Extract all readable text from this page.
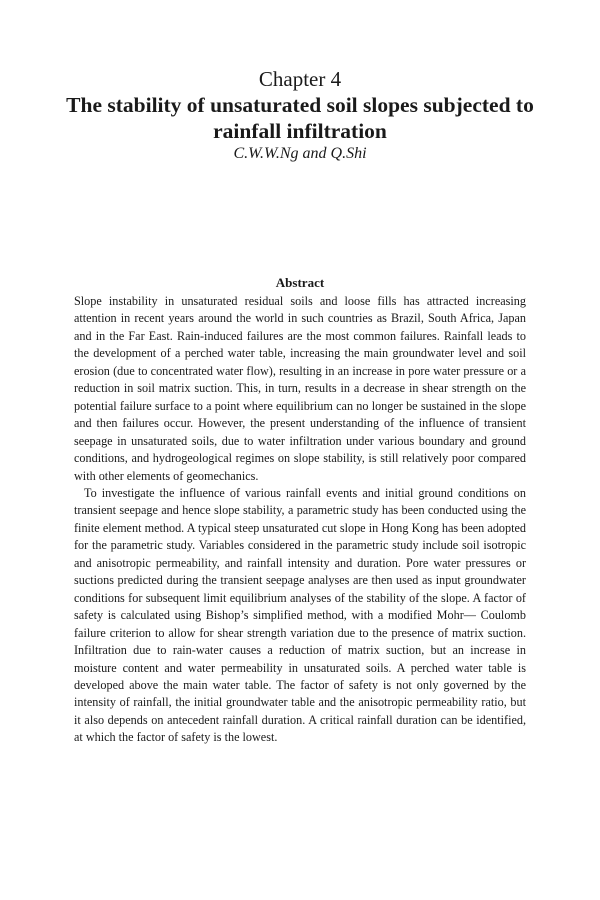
Chapter 4
The stability of unsaturated soil slopes subjected to rainfall infiltration
C.W.W.Ng and Q.Shi
Abstract

Slope instability in unsaturated residual soils and loose fills has attracted increasing attention in recent years around the world in such countries as Brazil, South Africa, Japan and in the Far East. Rain-induced failures are the most common failures. Rainfall leads to the development of a perched water table, increasing the main groundwater level and soil erosion (due to concentrated water flow), resulting in an increase in pore water pressure or a reduction in soil matrix suction. This, in turn, results in a decrease in shear strength on the potential failure surface to a point where equilibrium can no longer be sustained in the slope and then failures occur. However, the present understanding of the influence of transient seepage in unsaturated soils, due to water infiltration under various boundary and ground conditions, and hydrogeological regimes on slope stability, is still relatively poor compared with other elements of geomechanics.

To investigate the influence of various rainfall events and initial ground conditions on transient seepage and hence slope stability, a parametric study has been conducted using the finite element method. A typical steep unsaturated cut slope in Hong Kong has been adopted for the parametric study. Variables considered in the parametric study include soil isotropic and anisotropic permeability, and rainfall intensity and duration. Pore water pressures or suctions predicted during the transient seepage analyses are then used as input groundwater conditions for subsequent limit equilibrium analyses of the stability of the slope. A factor of safety is calculated using Bishop’s simplified method, with a modified Mohr— Coulomb failure criterion to allow for shear strength variation due to the presence of matrix suction. Infiltration due to rain-water causes a reduction of matrix suction, but an increase in moisture content and water permeability in unsaturated soils. A perched water table is developed above the main water table. The factor of safety is not only governed by the intensity of rainfall, the initial groundwater table and the anisotropic permeability ratio, but it also depends on antecedent rainfall duration. A critical rainfall duration can be identified, at which the factor of safety is the lowest.
